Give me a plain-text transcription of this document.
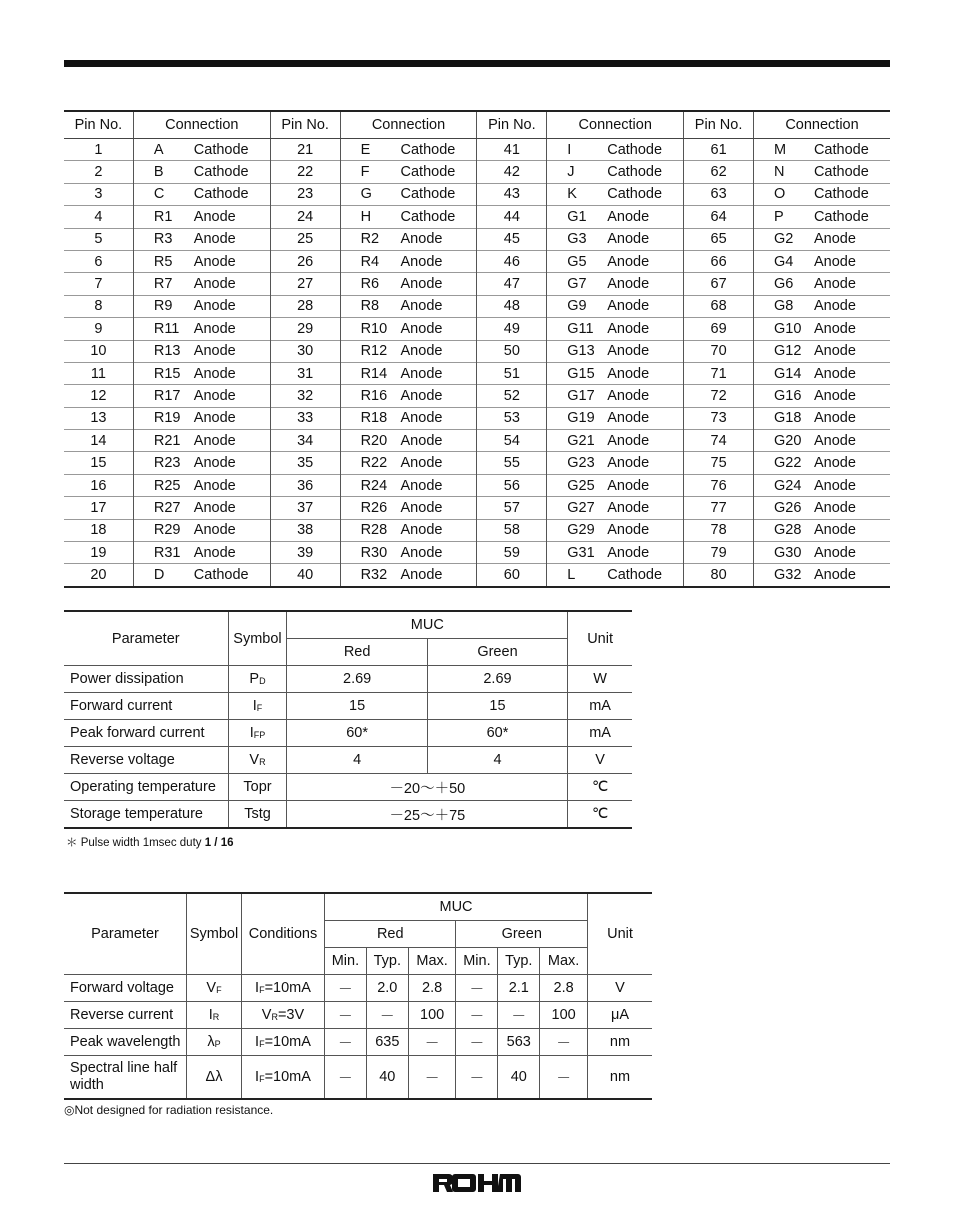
Pin No.	Connection		Pin No.	Connection		Pin No.	Connection		Pin No.	Connection	
1	A	Cathode	21	E	Cathode	41	I	Cathode	61	M	Cathode
2	B	Cathode	22	F	Cathode	42	J	Cathode	62	N	Cathode
3	C	Cathode	23	G	Cathode	43	K	Cathode	63	O	Cathode
4	R1	Anode	24	H	Cathode	44	G1	Anode	64	P	Cathode
5	R3	Anode	25	R2	Anode	45	G3	Anode	65	G2	Anode
6	R5	Anode	26	R4	Anode	46	G5	Anode	66	G4	Anode
7	R7	Anode	27	R6	Anode	47	G7	Anode	67	G6	Anode
8	R9	Anode	28	R8	Anode	48	G9	Anode	68	G8	Anode
9	R11	Anode	29	R10	Anode	49	G11	Anode	69	G10	Anode
10	R13	Anode	30	R12	Anode	50	G13	Anode	70	G12	Anode
11	R15	Anode	31	R14	Anode	51	G15	Anode	71	G14	Anode
12	R17	Anode	32	R16	Anode	52	G17	Anode	72	G16	Anode
13	R19	Anode	33	R18	Anode	53	G19	Anode	73	G18	Anode
14	R21	Anode	34	R20	Anode	54	G21	Anode	74	G20	Anode
15	R23	Anode	35	R22	Anode	55	G23	Anode	75	G22	Anode
16	R25	Anode	36	R24	Anode	56	G25	Anode	76	G24	Anode
17	R27	Anode	37	R26	Anode	57	G27	Anode	77	G26	Anode
18	R29	Anode	38	R28	Anode	58	G29	Anode	78	G28	Anode
19	R31	Anode	39	R30	Anode	59	G31	Anode	79	G30	Anode
20	D	Cathode	40	R32	Anode	60	L	Cathode	80	G32	Anode
Parameter	Symbol	MUC		Unit
		Red	Green	
Power dissipation	$P_D$	2.69	2.69	W
Forward current	$I_F$	15	15	mA
Peak forward current	$I_{FP}$	60*	60*	mA
Reverse voltage	$V_R$	4	4	V
Operating temperature	Topr	－20～＋50		℃
Storage temperature	Tstg	－25～＋75		℃
＊ Pulse width 1msec duty 1 / 16
Parameter	Symbol	Conditions	MUC						Unit
			Red			Green			
			Min.	Typ.	Max.	Min.	Typ.	Max.	
Forward voltage	$V_F$	$I_F=10mA$	－	2.0	2.8	－	2.1	2.8	V
Reverse current	$I_R$	$V_R=3V$	－	－	100	－	－	100	μA
Peak wavelength	$\lambda_P$	$I_F=10mA$	－	635	－	－	563	－	nm
Spectral line half width	Δλ	$I_F=10mA$	－	40	－	－	40	－	nm
◎Not designed for radiation resistance.
